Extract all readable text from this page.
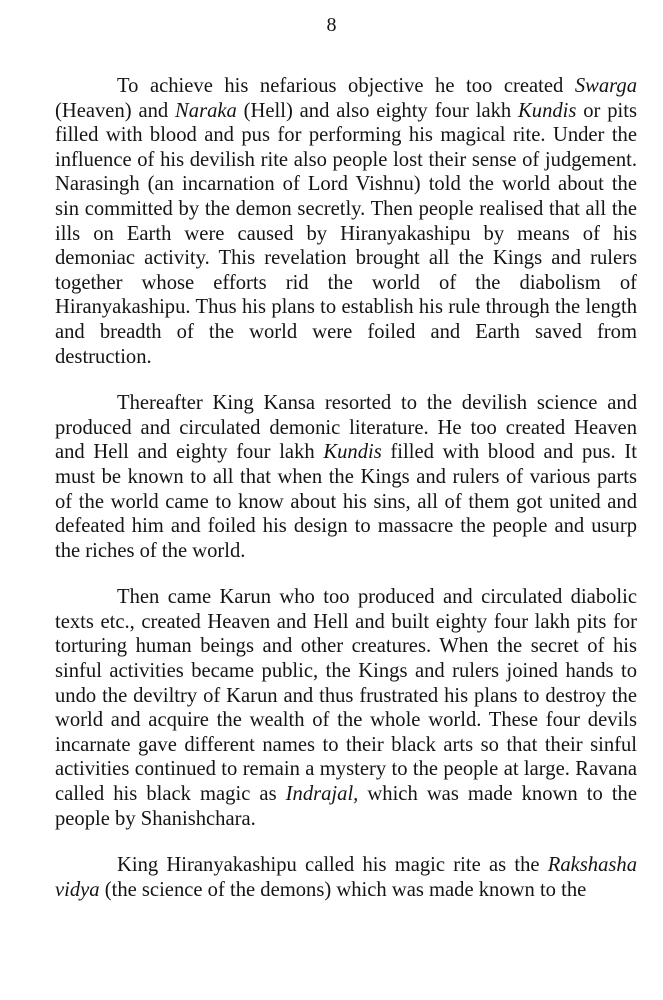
8

To achieve his nefarious objective he too created Swarga (Heaven) and Naraka (Hell) and also eighty four lakh Kundis or pits filled with blood and pus for performing his magical rite. Under the influence of his devilish rite also people lost their sense of judgement. Narasingh (an incarnation of Lord Vishnu) told the world about the sin committed by the demon secretly. Then people realised that all the ills on Earth were caused by Hiranyakashipu by means of his demoniac activity. This revelation brought all the Kings and rulers together whose efforts rid the world of the diabolism of Hiranyakashipu. Thus his plans to establish his rule through the length and breadth of the world were foiled and Earth saved from destruction.

Thereafter King Kansa resorted to the devilish science and produced and circulated demonic literature. He too created Heaven and Hell and eighty four lakh Kundis filled with blood and pus. It must be known to all that when the Kings and rulers of various parts of the world came to know about his sins, all of them got united and defeated him and foiled his design to massacre the people and usurp the riches of the world.

Then came Karun who too produced and circulated diabolic texts etc., created Heaven and Hell and built eighty four lakh pits for torturing human beings and other creatures. When the secret of his sinful activities became public, the Kings and rulers joined hands to undo the deviltry of Karun and thus frustrated his plans to destroy the world and acquire the wealth of the whole world. These four devils incarnate gave different names to their black arts so that their sinful activities continued to remain a mystery to the people at large. Ravana called his black magic as Indrajal, which was made known to the people by Shanishchara.

King Hiranyakashipu called his magic rite as the Rakshasha vidya (the science of the demons) which was made known to the
